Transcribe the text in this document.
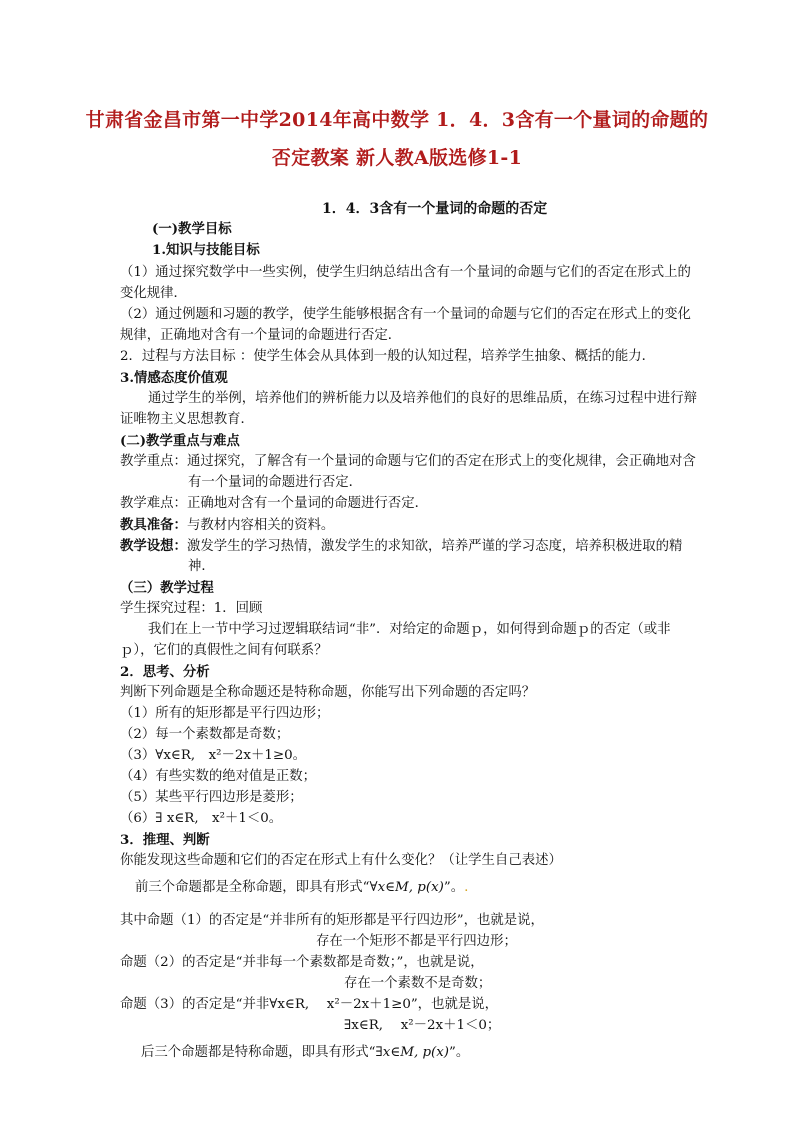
甘肃省金昌市第一中学2014年高中数学 1．4．3含有一个量词的命题的
否定教案 新人教A版选修1-1
1．4．3含有一个量词的命题的否定
(一)教学目标
1.知识与技能目标
（1）通过探究数学中一些实例，使学生归纳总结出含有一个量词的命题与它们的否定在形式上的
变化规律．
（2）通过例题和习题的教学，使学生能够根据含有一个量词的命题与它们的否定在形式上的变化
规律，正确地对含有一个量词的命题进行否定．
2．过程与方法目标 ：使学生体会从具体到一般的认知过程，培养学生抽象、概括的能力．
3.情感态度价值观
通过学生的举例，培养他们的辨析能力以及培养他们的良好的思维品质，在练习过程中进行辩
证唯物主义思想教育．
(二)教学重点与难点
教学重点：通过探究，了解含有一个量词的命题与它们的否定在形式上的变化规律，会正确地对含
有一个量词的命题进行否定．
教学难点：正确地对含有一个量词的命题进行否定．
教具准备：与教材内容相关的资料。
教学设想：激发学生的学习热情，激发学生的求知欲，培养严谨的学习态度，培养积极进取的精
神．
（三）教学过程
学生探究过程：1．回顾
我们在上一节中学习过逻辑联结词“非”．对给定的命题ｐ，如何得到命题ｐ的否定（或非
ｐ），它们的真假性之间有何联系？
2．思考、分析
判断下列命题是全称命题还是特称命题，你能写出下列命题的否定吗？
（1）所有的矩形都是平行四边形；
（2）每一个素数都是奇数；
（3）∀x∈R,　x²－2x＋1≥0。
（4）有些实数的绝对值是正数；
（5）某些平行四边形是菱形；
（6）∃ x∈R,　x²＋1＜0。
3．推理、判断
你能发现这些命题和它们的否定在形式上有什么变化？（让学生自己表述）
前三个命题都是全称命题，即具有形式“∀x∈M, p(x)”。.
其中命题（1）的否定是“并非所有的矩形都是平行四边形”，也就是说，
存在一个矩形不都是平行四边形；
命题（2）的否定是“并非每一个素数都是奇数；”，也就是说，
存在一个素数不是奇数；
命题（3）的否定是“并非∀x∈R,　 x²－2x＋1≥0”，也就是说，
∃x∈R,　 x²－2x＋1＜0；
后三个命题都是特称命题，即具有形式“∃x∈M, p(x)”。
